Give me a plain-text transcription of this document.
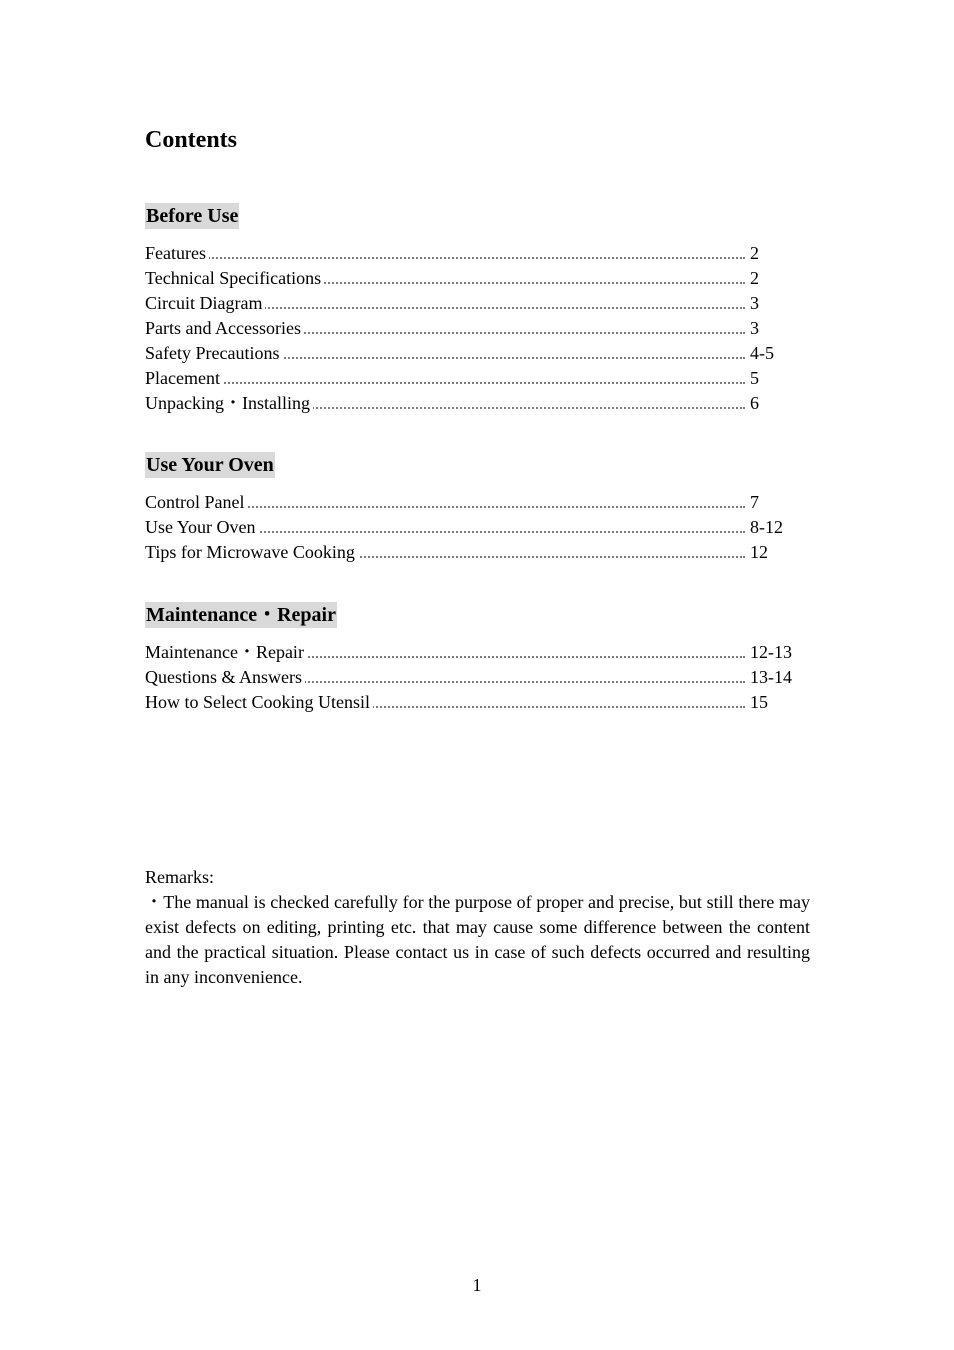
Contents
Before Use
Features	2
Technical Specifications	2
Circuit Diagram	3
Parts and Accessories	3
Safety Precautions	4-5
Placement	5
Unpacking・Installing	6
Use Your Oven
Control Panel	7
Use Your Oven	8-12
Tips for Microwave Cooking	12
Maintenance・Repair
Maintenance・Repair	12-13
Questions & Answers	13-14
How to Select Cooking Utensil	15
Remarks:

・The manual is checked carefully for the purpose of proper and precise, but still there may exist defects on editing, printing etc. that may cause some difference between the content and the practical situation. Please contact us in case of such defects occurred and resulting in any inconvenience.

1
